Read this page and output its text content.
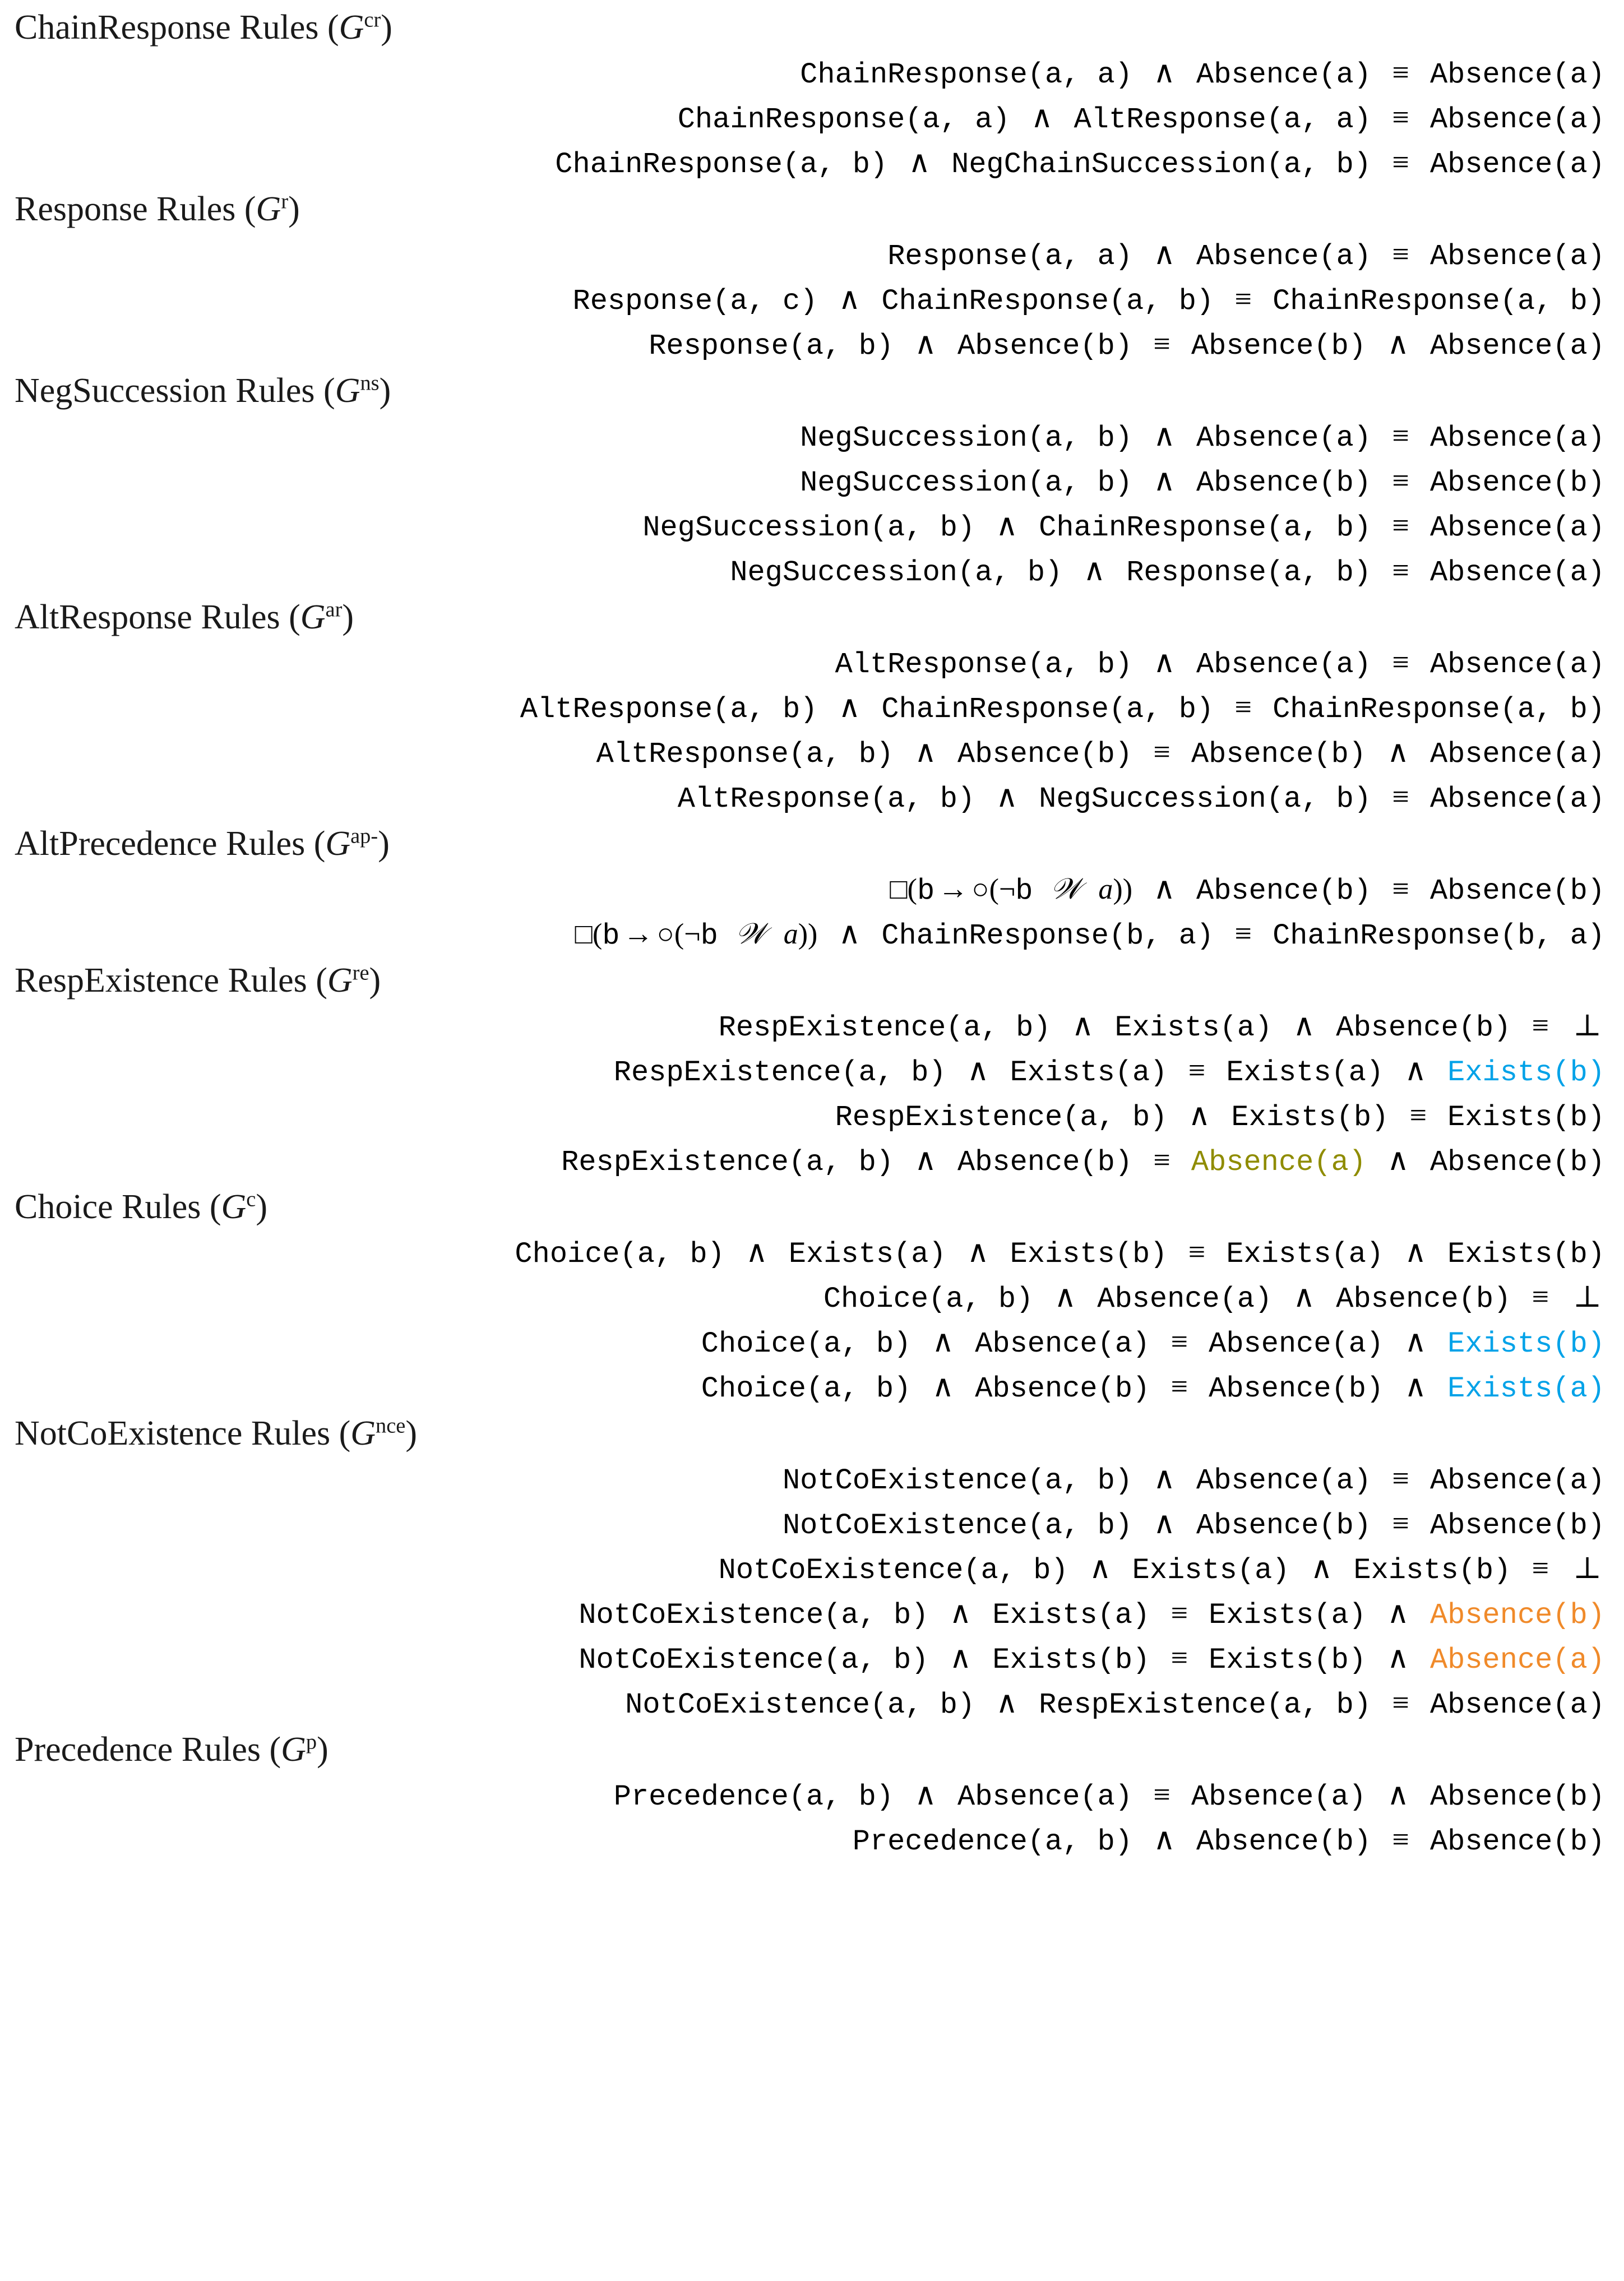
ChainResponse Rules $(G^{cr})$
ChainResponse(a, a) ∧ Absence(a) ≡ Absence(a)
ChainResponse(a, a) ∧ AltResponse(a, a) ≡ Absence(a)
ChainResponse(a, b) ∧ NegChainSuccession(a, b) ≡ Absence(a)
Response Rules $(G^r)$
Response(a, a) ∧ Absence(a) ≡ Absence(a)
Response(a, c) ∧ ChainResponse(a, b) ≡ ChainResponse(a, b)
Response(a, b) ∧ Absence(b) ≡ Absence(b) ∧ Absence(a)
NegSuccession Rules $(G^{ns})$
NegSuccession(a, b) ∧ Absence(a) ≡ Absence(a)
NegSuccession(a, b) ∧ Absence(b) ≡ Absence(b)
NegSuccession(a, b) ∧ ChainResponse(a, b) ≡ Absence(a)
NegSuccession(a, b) ∧ Response(a, b) ≡ Absence(a)
AltResponse Rules $(G^{ar})$
AltResponse(a, b) ∧ Absence(a) ≡ Absence(a)
AltResponse(a, b) ∧ ChainResponse(a, b) ≡ ChainResponse(a, b)
AltResponse(a, b) ∧ Absence(b) ≡ Absence(b) ∧ Absence(a)
AltResponse(a, b) ∧ NegSuccession(a, b) ≡ Absence(a)
AltPrecedence Rules $(G^{ap-})$
□(b → ○(¬b 𝒲 a)) ∧ Absence(b) ≡ Absence(b)
□(b → ○(¬b 𝒲 a)) ∧ ChainResponse(b, a) ≡ ChainResponse(b, a)
RespExistence Rules $(G^{re})$
RespExistence(a, b) ∧ Exists(a) ∧ Absence(b) ≡ ⊥
RespExistence(a, b) ∧ Exists(a) ≡ Exists(a) ∧ Exists(b)
RespExistence(a, b) ∧ Exists(b) ≡ Exists(b)
RespExistence(a, b) ∧ Absence(b) ≡ Absence(a) ∧ Absence(b)
Choice Rules $(G^c)$
Choice(a, b) ∧ Exists(a) ∧ Exists(b) ≡ Exists(a) ∧ Exists(b)
Choice(a, b) ∧ Absence(a) ∧ Absence(b) ≡ ⊥
Choice(a, b) ∧ Absence(a) ≡ Absence(a) ∧ Exists(b)
Choice(a, b) ∧ Absence(b) ≡ Absence(b) ∧ Exists(a)
NotCoExistence Rules $(G^{nce})$
NotCoExistence(a, b) ∧ Absence(a) ≡ Absence(a)
NotCoExistence(a, b) ∧ Absence(b) ≡ Absence(b)
NotCoExistence(a, b) ∧ Exists(a) ∧ Exists(b) ≡ ⊥
NotCoExistence(a, b) ∧ Exists(a) ≡ Exists(a) ∧ Absence(b)
NotCoExistence(a, b) ∧ Exists(b) ≡ Exists(b) ∧ Absence(a)
NotCoExistence(a, b) ∧ RespExistence(a, b) ≡ Absence(a)
Precedence Rules $(G^p)$
Precedence(a, b) ∧ Absence(a) ≡ Absence(a) ∧ Absence(b)
Precedence(a, b) ∧ Absence(b) ≡ Absence(b)
